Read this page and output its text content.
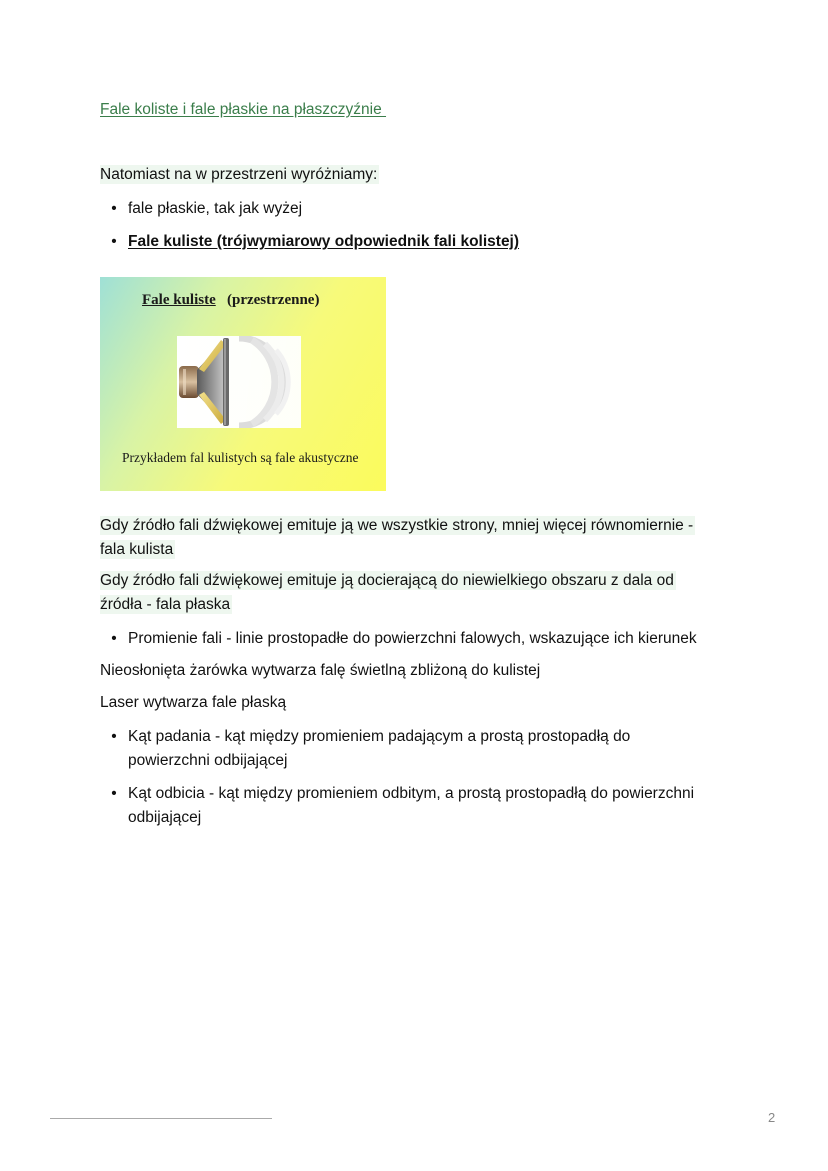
Fale koliste i fale płaskie na płaszczyźnie
Natomiast na w przestrzeni wyróżniamy:
• fale płaskie, tak jak wyżej
• Fale kuliste (trójwymiarowy odpowiednik fali kolistej)
Fale kuliste (przestrzenne)
Przykładem fal kulistych są fale akustyczne
Gdy źródło fali dźwiękowej emituje ją we wszystkie strony, mniej więcej równomiernie -
fala kulista
Gdy źródło fali dźwiękowej emituje ją docierającą do niewielkiego obszaru z dala od
źródła - fala płaska
• Promienie fali - linie prostopadłe do powierzchni falowych, wskazujące ich kierunek
Nieosłonięta żarówka wytwarza falę świetlną zbliżoną do kulistej
Laser wytwarza fale płaską
• Kąt padania - kąt między promieniem padającym a prostą prostopadłą do powierzchni odbijającej
• Kąt odbicia - kąt między promieniem odbitym, a prostą prostopadłą do powierzchni odbijającej
2
